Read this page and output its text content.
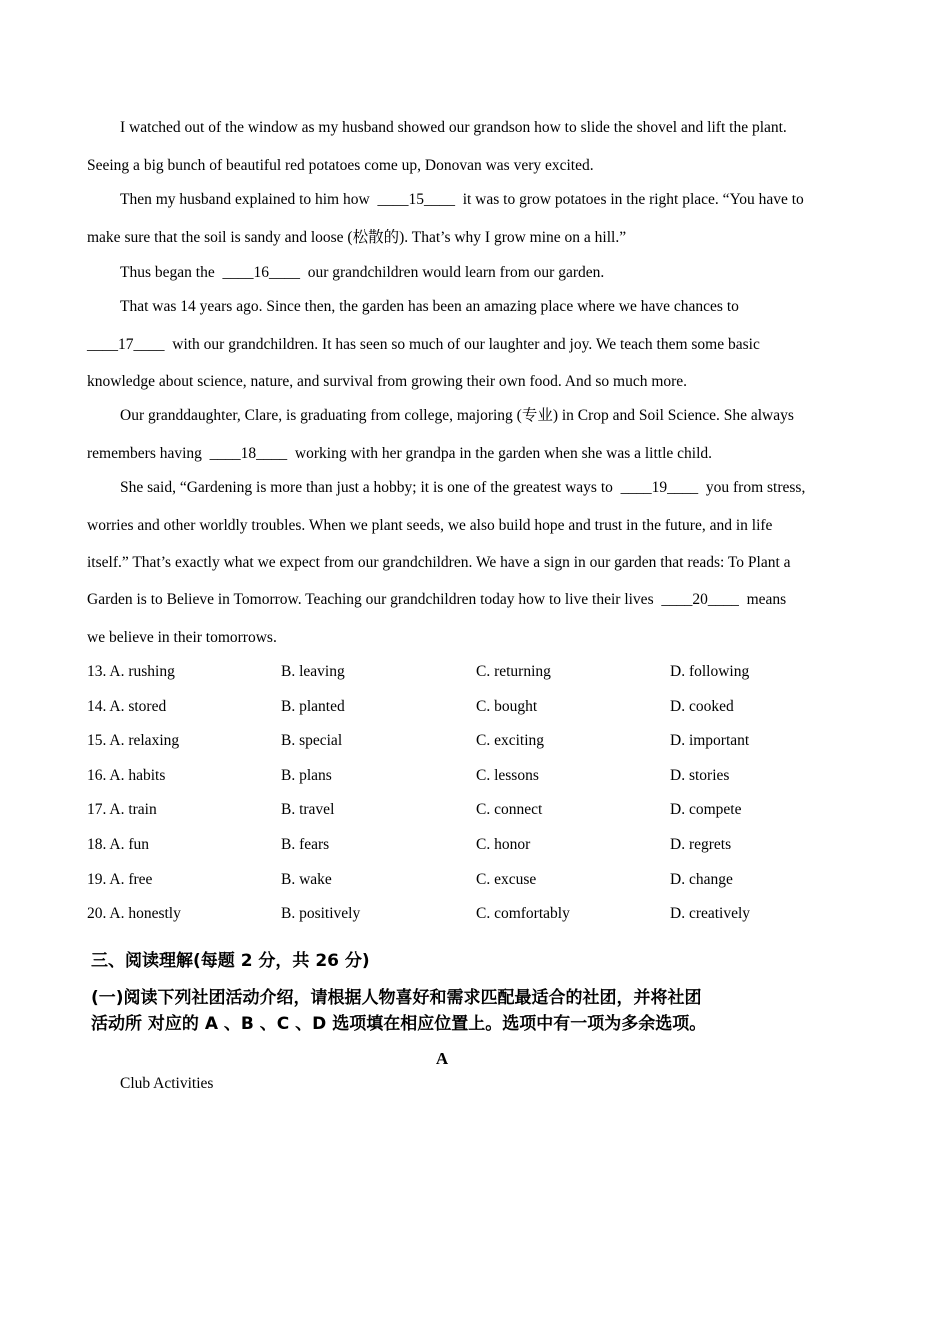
I watched out of the window as my husband showed our grandson how to slide the shovel and lift the plant.
Seeing a big bunch of beautiful red potatoes come up, Donovan was very excited.
Then my husband explained to him how ____15____ it was to grow potatoes in the right place. “You have to
make sure that the soil is sandy and loose (松散的). That’s why I grow mine on a hill.”
Thus began the ____16____ our grandchildren would learn from our garden.
That was 14 years ago. Since then, the garden has been an amazing place where we have chances to
____17____ with our grandchildren. It has seen so much of our laughter and joy. We teach them some basic
knowledge about science, nature, and survival from growing their own food. And so much more.
Our granddaughter, Clare, is graduating from college, majoring (专业) in Crop and Soil Science. She always
remembers having ____18____ working with her grandpa in the garden when she was a little child.
She said, “Gardening is more than just a hobby; it is one of the greatest ways to ____19____ you from stress,
worries and other worldly troubles. When we plant seeds, we also build hope and trust in the future, and in life
itself.” That’s exactly what we expect from our grandchildren. We have a sign in our garden that reads: To Plant a
Garden is to Believe in Tomorrow. Teaching our grandchildren today how to live their lives ____20____ means
we believe in their tomorrows.
13. A. rushing	B. leaving	C. returning	D. following
14. A. stored	B. planted	C. bought	D. cooked
15. A. relaxing	B. special	C. exciting	D. important
16. A. habits	B. plans	C. lessons	D. stories
17. A. train	B. travel	C. connect	D. compete
18. A. fun	B. fears	C. honor	D. regrets
19. A. free	B. wake	C. excuse	D. change
20. A. honestly	B. positively	C. comfortably	D. creatively
三、阅读理解(每题 2 分，共 26 分)
(一)阅读下列社团活动介绍，请根据人物喜好和需求匹配最适合的社团，并将社团
活动所 对应的 A 、B 、C 、D 选项填在相应位置上。选项中有一项为多余选项。
A
Club Activities
